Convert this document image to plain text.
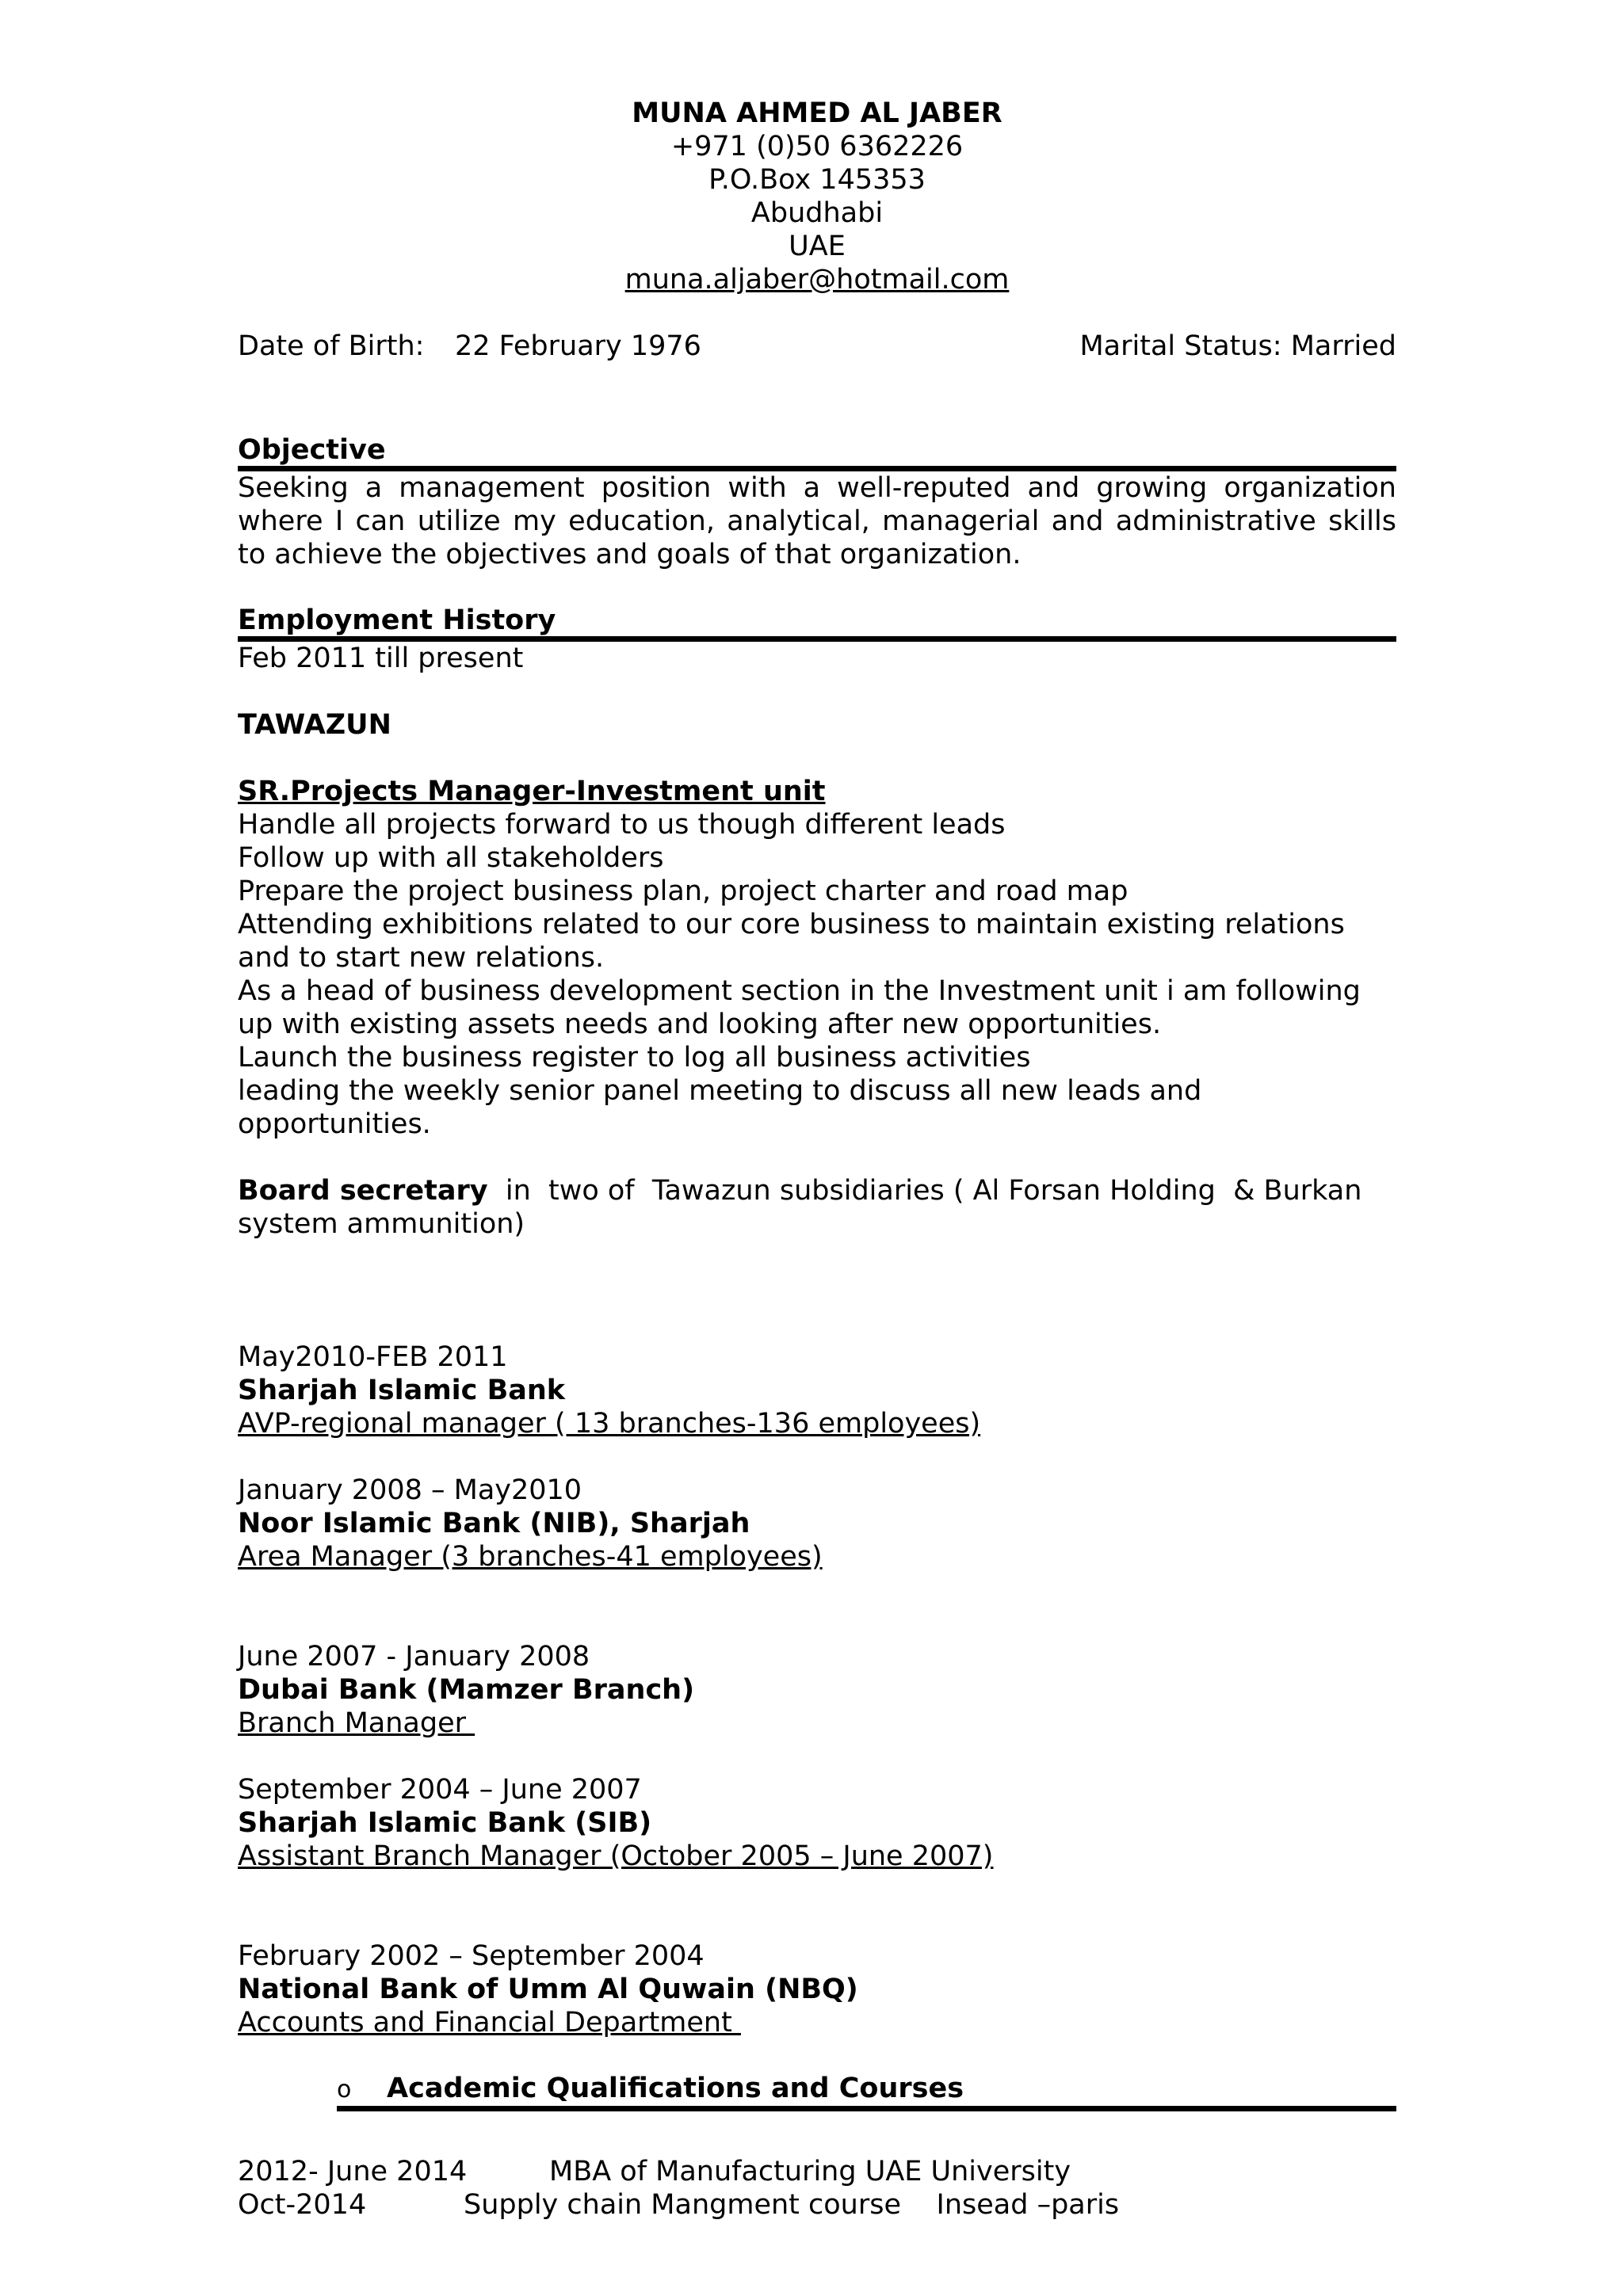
MUNA AHMED AL JABER
+971 (0)50 6362226
P.O.Box 145353
Abudhabi
UAE
muna.aljaber@hotmail.com
Date of Birth: 22 February 1976	Marital Status: Married
Objective
Seeking a management position with a well-reputed and growing organization where I can utilize my education, analytical, managerial and administrative skills to achieve the objectives and goals of that organization.
Employment History
Feb 2011 till present
TAWAZUN
SR.Projects Manager-Investment unit
Handle all projects forward to us though different leads
Follow up with all stakeholders
Prepare the project business plan, project charter and road map
Attending exhibitions related to our core business to maintain existing relations and to start new relations.
As a head of business development section in the Investment unit i am following up with existing assets needs and looking after new opportunities.
Launch the business register to log all business activities
leading the weekly senior panel meeting to discuss all new leads and opportunities.
Board secretary  in  two of  Tawazun subsidiaries ( Al Forsan Holding  & Burkan system ammunition)
May2010-FEB 2011
Sharjah Islamic Bank
AVP-regional manager ( 13 branches-136 employees)
January 2008 – May2010
Noor Islamic Bank (NIB), Sharjah
Area Manager (3 branches-41 employees)
June 2007 - January 2008
Dubai Bank (Mamzer Branch)
Branch Manager
September 2004 – June 2007
Sharjah Islamic Bank (SIB)
Assistant Branch Manager (October 2005 – June 2007)
February 2002 – September 2004
National Bank of Umm Al Quwain (NBQ)
Accounts and Financial Department
o	Academic Qualifications and Courses
2012- June 2014	MBA of Manufacturing UAE University
Oct-2014	Supply chain Mangment course    Insead –paris
